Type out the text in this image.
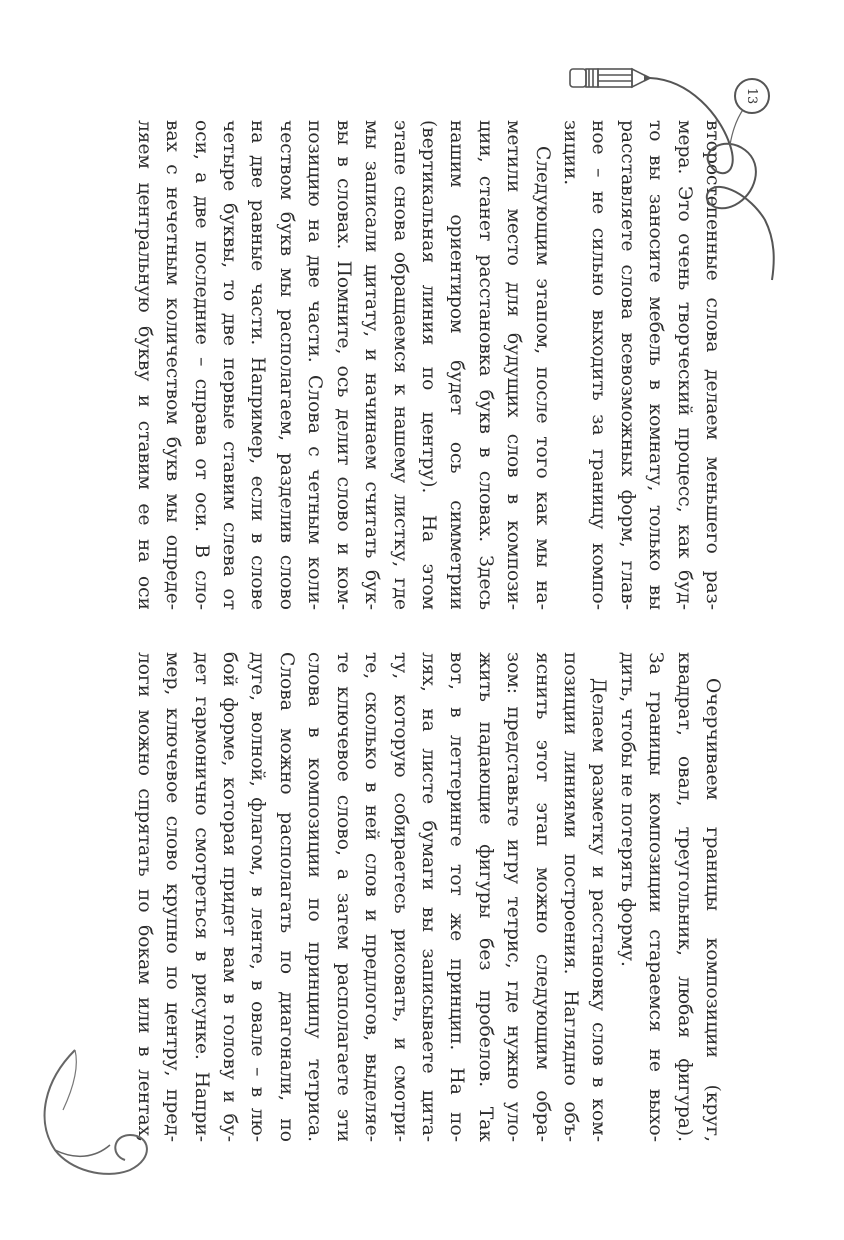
Очерчиваем границы композиции (круг,
квадрат, овал, треугольник, любая фигура).
За границы композиции стараемся не выхо-
дить, чтобы не потерять форму.
Делаем разметку и расстановку слов в ком-
позиции линиями построения. Наглядно объ-
яснить этот этап можно следующим обра-
зом: представьте игру тетрис, где нужно уло-
жить падающие фигуры без пробелов. Так
вот, в леттеринге тот же принцип. На по-
лях, на листе бумаги вы записываете цита-
ту, которую собираетесь рисовать, и смотри-
те, сколько в ней слов и предлогов, выделяе-
те ключевое слово, а затем располагаете эти
слова в композиции по принципу тетриса.
Слова можно располагать по диагонали, по
дуге, волной, флагом, в ленте, в овале – в лю-
бой форме, которая придет вам в голову и бу-
дет гармонично смотреться в рисунке. Напри-
мер, ключевое слово крупно по центру, пред-
логи можно спрятать по бокам или в лентах,
второстепенные слова делаем меньшего раз-
мера. Это очень творческий процесс, как буд-
то вы заносите мебель в комнату, только вы
расставляете слова всевозможных форм, глав-
ное – не сильно выходить за границу компо-
зиции.
Следующим этапом, после того как мы на-
метили место для будущих слов в компози-
ции, станет расстановка букв в словах. Здесь
нашим ориентиром будет ось симметрии
(вертикальная линия по центру). На этом
этапе снова обращаемся к нашему листку, где
мы записали цитату, и начинаем считать бук-
вы в словах. Помните, ось делит слово и ком-
позицию на две части. Слова с четным коли-
чеством букв мы располагаем, разделив слово
на две равные части. Например, если в слове
четыре буквы, то две первые ставим слева от
оси, а две последние – справа от оси. В сло-
вах с нечетным количеством букв мы опреде-
ляем центральную букву и ставим ее на оси
13
